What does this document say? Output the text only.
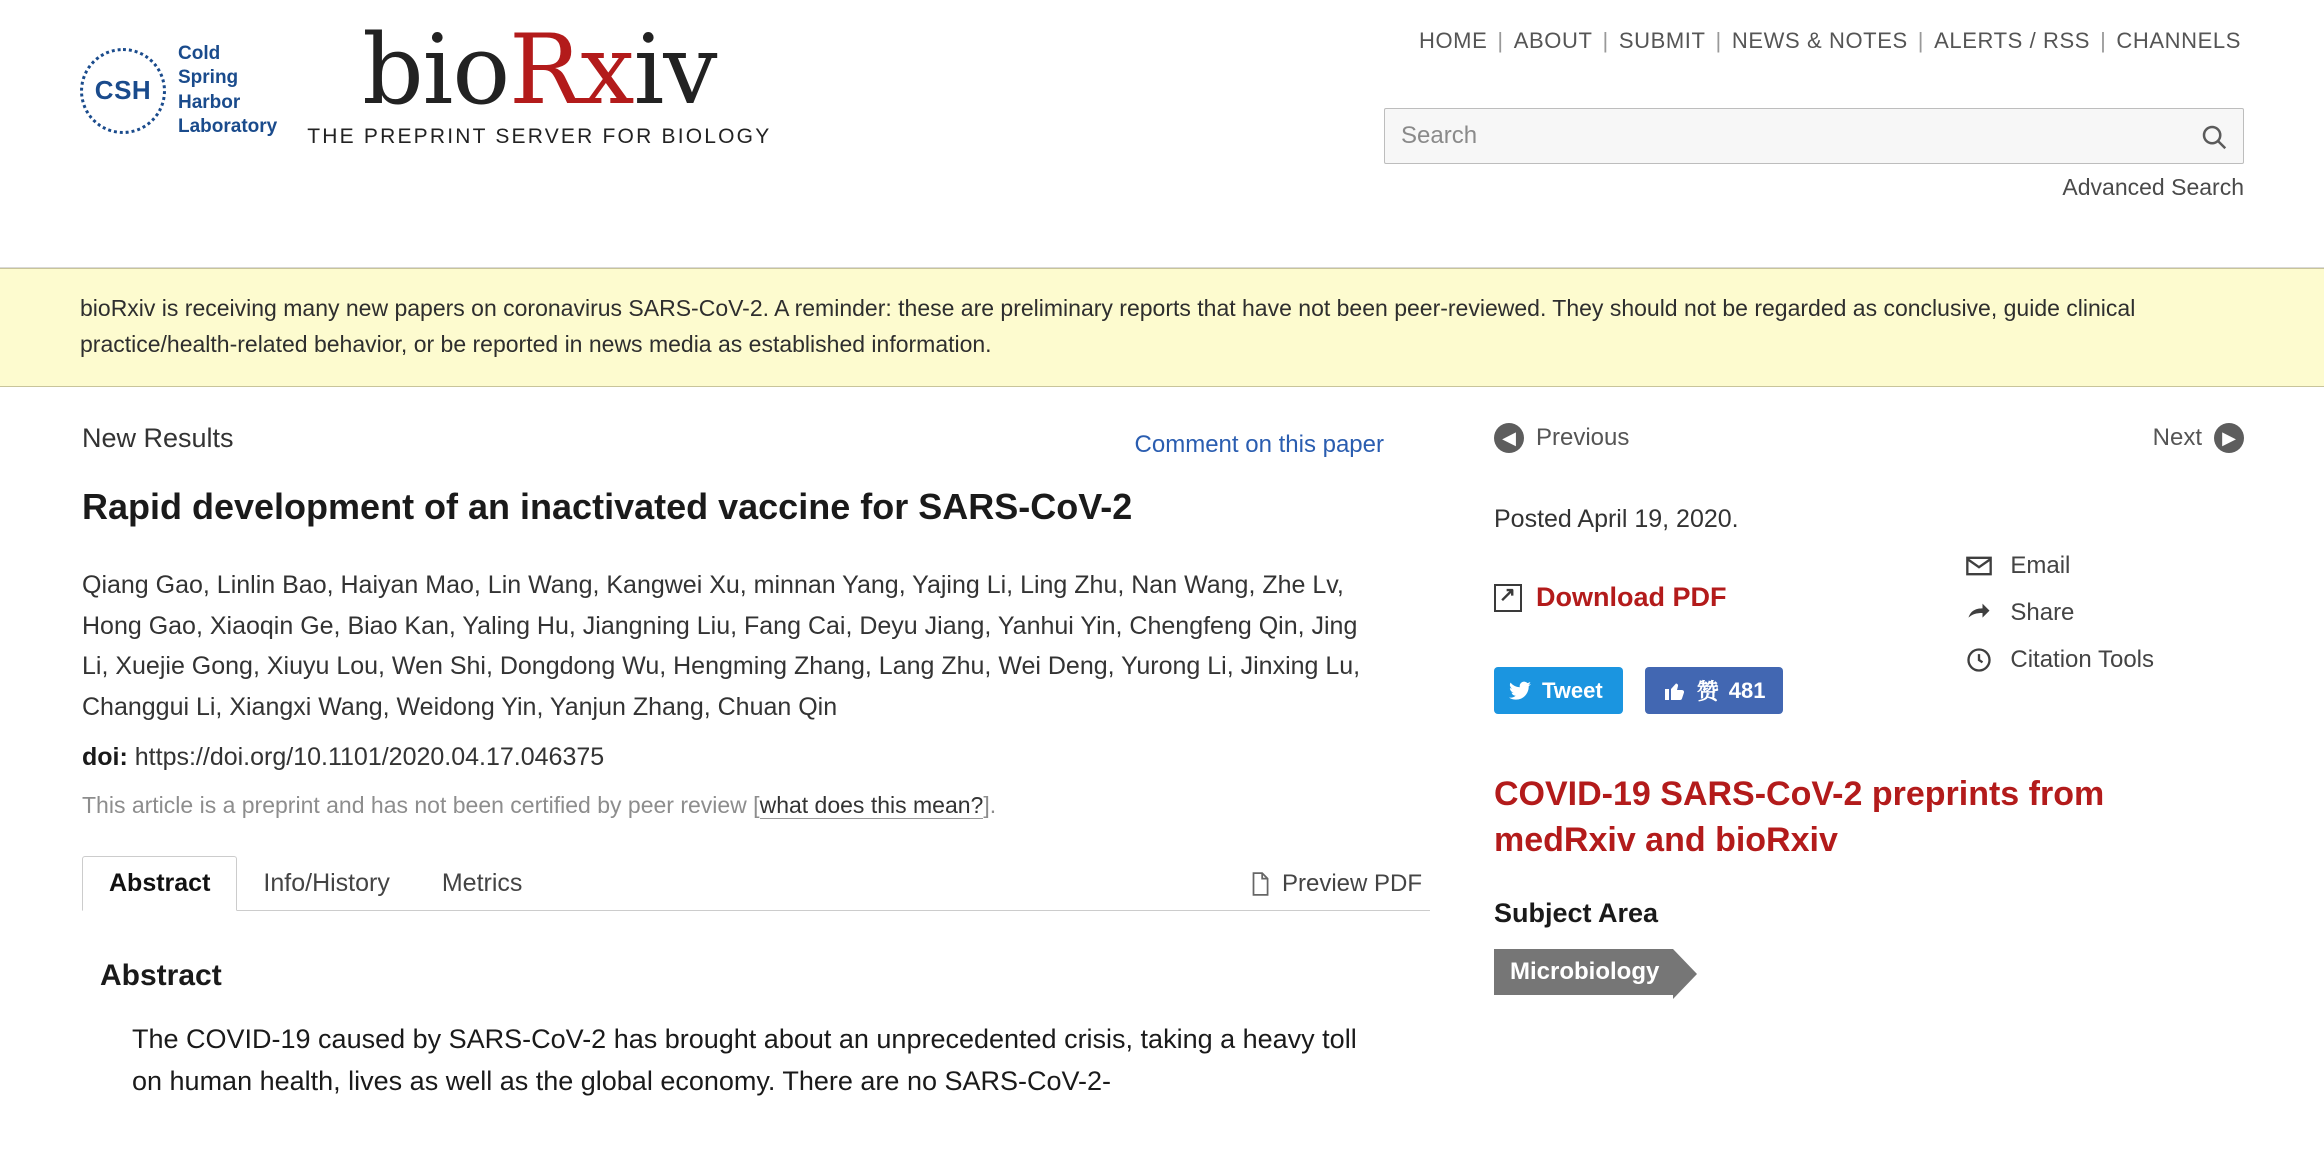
CSH
Cold
Spring
Harbor
Laboratory
bioRxiv
THE PREPRINT SERVER FOR BIOLOGY
HOME | ABOUT | SUBMIT | NEWS & NOTES | ALERTS / RSS | CHANNELS
Search
Advanced Search
bioRxiv is receiving many new papers on coronavirus SARS-CoV-2. A reminder: these are preliminary reports that have not been peer-reviewed. They should not be regarded as conclusive, guide clinical practice/health-related behavior, or be reported in news media as established information.
New Results	Comment on this paper
Rapid development of an inactivated vaccine for SARS-CoV-2
Qiang Gao, Linlin Bao, Haiyan Mao, Lin Wang, Kangwei Xu, minnan Yang, Yajing Li, Ling Zhu, Nan Wang, Zhe Lv, Hong Gao, Xiaoqin Ge, Biao Kan, Yaling Hu, Jiangning Liu, Fang Cai, Deyu Jiang, Yanhui Yin, Chengfeng Qin, Jing Li, Xuejie Gong, Xiuyu Lou, Wen Shi, Dongdong Wu, Hengming Zhang, Lang Zhu, Wei Deng, Yurong Li, Jinxing Lu, Changgui Li, Xiangxi Wang, Weidong Yin, Yanjun Zhang, Chuan Qin
doi: https://doi.org/10.1101/2020.04.17.046375
This article is a preprint and has not been certified by peer review [what does this mean?].
Abstract	Info/History	Metrics	Preview PDF
Abstract
The COVID-19 caused by SARS-CoV-2 has brought about an unprecedented crisis, taking a heavy toll on human health, lives as well as the global economy. There are no SARS-CoV-2-
◀ Previous	Next	▶
Posted April 19, 2020.
↗
Download PDF
Email
Share
Citation Tools
Tweet	赞 481
COVID-19 SARS-CoV-2 preprints from medRxiv and bioRxiv
Subject Area
Microbiology
